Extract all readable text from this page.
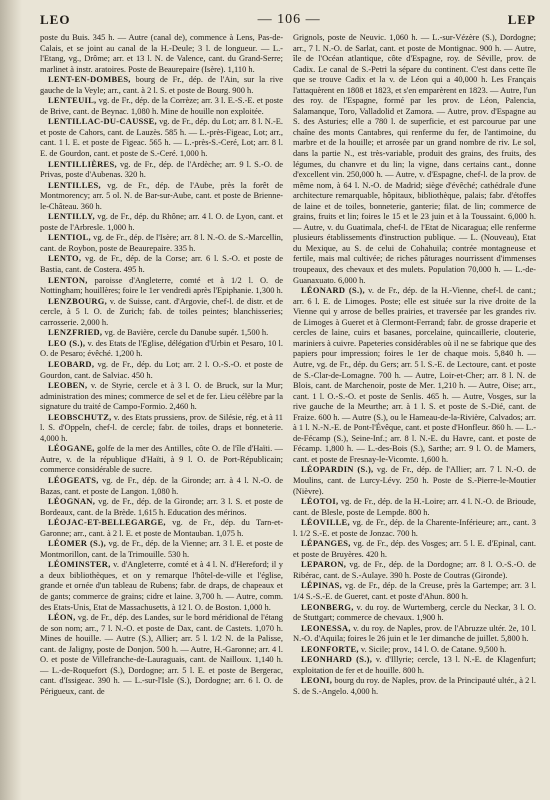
LEO	— 106 —	LEP

poste du Buis. 345 h. — Autre (canal de), commence à Lens, Pas-de-Calais, et se joint au canal de la H.-Deule; 3 l. de longueur. — L.-l'Etang, vg., Drôme; arr. et 13 l. N. de Valence, cant. du Grand-Serre; marlinet à instr. aratoires. Poste de Beaurepaire (Isère). 1,110 h.

LENT-EN-DOMBES, bourg de Fr., dép. de l'Ain, sur la rive gauche de la Veyle; arr., cant. à 2 l. S. et poste de Bourg. 900 h.

LENTEUIL, vg. de Fr., dép. de la Corrèze; arr. 3 l. E.-S.-E. et poste de Brive, cant. de Beynac. 1,080 h. Mine de houille non exploitée.

LENTILLAC-DU-CAUSSE, vg. de Fr., dép. du Lot; arr. 8 l. N.-E. et poste de Cahors, cant. de Lauzès. 585 h. — L.-près-Figeac, Lot; arr., cant. 1 l. E. et poste de Figeac. 565 h. — L.-près-S.-Ceré, Lot; arr. 8 l. E. de Gourdon, cant. et poste de S.-Ceré. 1,000 h.

LENTILLIÈRES, vg. de Fr., dép. de l'Ardèche; arr. 9 l. S.-O. de Privas, poste d'Aubenas. 320 h.

LENTILLES, vg. de Fr., dép. de l'Aube, près la forêt de Montmorency; arr. 5 ol. N. de Bar-sur-Aube, cant. et poste de Brienne-le-Château. 360 h.

LENTILLY, vg. de Fr., dép. du Rhône; arr. 4 l. O. de Lyon, cant. et poste de l'Arbresle. 1,000 h.

LENTIOL, vg. de Fr., dép. de l'Isère; arr. 8 l. N.-O. de S.-Marcellin, cant. de Roybon, poste de Beaurepaire. 335 h.

LENTO, vg. de Fr., dép. de la Corse; arr. 6 l. S.-O. et poste de Bastia, cant. de Costera. 495 h.

LENTON, paroisse d'Angleterre, comté et à 1/2 l. O. de Nottingham; houillères; foire le 1er vendredi après l'Epiphanie. 1,300 h.

LENZBOURG, v. de Suisse, cant. d'Argovie, chef-l. de distr. et de cercle, à 5 l. O. de Zurich; fab. de toiles peintes; blanchisseries; carrosserie. 2,000 h.

LENZFRIED, vg. de Bavière, cercle du Danube supér. 1,500 h.

LEO (S.), v. des Etats de l'Eglise, délégation d'Urbin et Pesaro, 10 l. O. de Pesaro; évêché. 1,200 h.

LEOBARD, vg. de Fr., dép. du Lot; arr. 2 l. O.-S.-O. et poste de Gourdon, cant. de Salviac. 450 h.

LEOBEN, v. de Styrie, cercle et à 3 l. O. de Bruck, sur la Mur; administration des mines; commerce de sel et de fer. Lieu célèbre par la signature du traité de Campo-Formio. 2,460 h.

LEOBSCHUTZ, v. des Etats prussiens, prov. de Silésie, rég. et à 11 l. S. d'Oppeln, chef-l. de cercle; fabr. de toiles, draps et bonneterie. 4,000 h.

LÉOGANE, golfe de la mer des Antilles, côte O. de l'île d'Haïti. — Autre, v. de la république d'Haïti, à 9 l. O. de Port-Républicain; commerce considérable de sucre.

LÉOGEATS, vg. de Fr., dép. de la Gironde; arr. à 4 l. N.-O. de Bazas, cant. et poste de Langon. 1,080 h.

LÉOGNAN, vg. de Fr., dép. de la Gironde; arr. 3 l. S. et poste de Bordeaux, cant. de la Brède. 1,615 h. Education des mérinos.

LÉOJAC-ET-BELLEGARGE, vg. de Fr., dép. du Tarn-et-Garonne; arr., cant. à 2 l. E. et poste de Montauban. 1,075 h.

LÉOMER (S.), vg. de Fr., dép. de la Vienne; arr. 3 l. E. et poste de Montmorillon, cant. de la Trimouille. 530 h.

LÉOMINSTER, v. d'Angleterre, comté et à 4 l. N. d'Hereford; il y a deux bibliothèques, et on y remarque l'hôtel-de-ville et l'église, grande et ornée d'un tableau de Rubens; fabr. de draps, de chapeaux et de gants; commerce de grains; cidre et laine. 3,700 h. — Autre, comm. des Etats-Unis, Etat de Massachusetts, à 12 l. O. de Boston. 1,000 h.

LÉON, vg. de Fr., dép. des Landes, sur le bord méridional de l'étang de son nom; arr., 7 l. N.-O. et poste de Dax, cant. de Castets. 1,070 h. Mines de houille. — Autre (S.), Allier; arr. 5 l. 1/2 N. de la Palisse, cant. de Jaligny, poste de Donjon. 500 h. — Autre, H.-Garonne; arr. 4 l. O. et poste de Villefranche-de-Lauraguais, cant. de Nailloux. 1,140 h. — L.-de-Roquefort (S.), Dordogne; arr. 5 l. E. et poste de Bergerac, cant. d'Issigeac. 390 h. — L.-sur-l'Isle (S.), Dordogne; arr. 6 l. O. de Périgueux, cant. de

Grignols, poste de Neuvic. 1,060 h. — L.-sur-Vézère (S.), Dordogne; arr., 7 l. N.-O. de Sarlat, cant. et poste de Montignac. 900 h. — Autre, île de l'Océan atlantique, côte d'Espagne, roy. de Séville, prov. de Cadix. Le canal de S.-Petri la sépare du continent. C'est dans cette île que se trouve Cadix et la v. de Léon qui a 40,000 h. Les Français l'attaquèrent en 1808 et 1823, et s'en emparèrent en 1823. — Autre, l'un des roy. de l'Espagne, formé par les prov. de Léon, Palencia, Salamanque, Toro, Valladolid et Zamora. — Autre, prov. d'Espagne au S. des Asturies; elle a 780 l. de superficie, et est parcourue par une chaîne des monts Cantabres, qui renferme du fer, de l'antimoine, du marbre et de la houille; et arrosée par un grand nombre de riv. Le sol, dans la partie N., est très-variable, produit des grains, des fruits, des légumes, du chanvre et du lin; la vigne, dans certains cant., donne d'excellent vin. 250,000 h. — Autre, v. d'Espagne, chef-l. de la prov. de même nom, à 64 l. N.-O. de Madrid; siège d'évêché; cathédrale d'une architecture remarquable, hôpitaux, bibliothèque, palais; fabr. d'étoffes de laine et de toiles, bonneterie, ganterie; filat. de lin; commerce de grains, fruits et lin; foires le 15 et le 23 juin et à la Toussaint. 6,000 h. — Autre, v. du Guatimala, chef-l. de l'Etat de Nicaragua; elle renferme plusieurs établissements d'instruction publique. — L. (Nouveau), Etat du Mexique, au S. de celui de Cohahuila; contrée montagneuse et fertile, mais mal cultivée; de riches pâturages nourrissent d'immenses troupeaux, des chevaux et des mulets. Population 70,000 h. — L.-de-Guanaxuato. 6,000 h.

LÉONARD (S.), v. de Fr., dép. de la H.-Vienne, chef-l. de cant.; arr. 6 l. E. de Limoges. Poste; elle est située sur la rive droite de la Vienne qui y arrose de belles prairies, et traversée par les grandes riv. de Limoges à Gueret et à Clermont-Ferrand; fabr. de grosse draperie et cercles de laine, cuirs et basanes, porcelaine, quincaillerie, clouterie, mariniers à cuivre. Papeteries considérables où il ne se fabrique que des papiers pour impression; foires le 1er de chaque mois. 5,840 h. — Autre, vg. de Fr., dép. du Gers; arr. 5 l. S.-E. de Lectoure, cant. et poste de S.-Clar-de-Lomagne. 700 h. — Autre, Loir-et-Cher; arr. 8 l. N. de Blois, cant. de Marchenoir, poste de Mer. 1,210 h. — Autre, Oise; arr., cant. 1 l. O.-S.-O. et poste de Senlis. 465 h. — Autre, Vosges, sur la rive gauche de la Meurthe; arr. à 1 l. S. et poste de S.-Dié, cant. de Fraize. 600 h. — Autre (S.), ou le Hameau-de-la-Rivière, Calvados; arr. à 1 l. N.-N.-E. de Pont-l'Évêque, cant. et poste d'Honfleur. 860 h. — L.-de-Fécamp (S.), Seine-Inf.; arr. 8 l. N.-E. du Havre, cant. et poste de Fécamp. 1,800 h. — L.-des-Bois (S.), Sarthe; arr. 9 l. O. de Mamers, cant. et poste de Fresnay-le-Vicomte. 1,600 h.

LÉOPARDIN (S.), vg. de Fr., dép. de l'Allier; arr. 7 l. N.-O. de Moulins, cant. de Lurcy-Lévy. 250 h. Poste de S.-Pierre-le-Moutier (Nièvre).

LÉOTOI, vg. de Fr., dép. de la H.-Loire; arr. 4 l. N.-O. de Brioude, cant. de Blesle, poste de Lempde. 800 h.

LÉOVILLE, vg. de Fr., dép. de la Charente-Inférieure; arr., cant. 3 l. 1/2 S.-E. et poste de Jonzac. 700 h.

LÉPANGES, vg. de Fr., dép. des Vosges; arr. 5 l. E. d'Epinal, cant. et poste de Bruyères. 420 h.

LEPARON, vg. de Fr., dép. de la Dordogne; arr. 8 l. O.-S.-O. de Ribérac, cant. de S.-Aulaye. 390 h. Poste de Coutras (Gironde).

LÉPINAS, vg. de Fr., dép. de la Creuse, près la Gartempe; arr. 3 l. 1/4 S.-S.-E. de Gueret, cant. et poste d'Ahun. 800 h.

LEONBERG, v. du roy. de Wurtemberg, cercle du Neckar, 3 l. O. de Stuttgart; commerce de chevaux. 1,900 h.

LEONESSA, v. du roy. de Naples, prov. de l'Abruzze ultér. 2e, 10 l. N.-O. d'Aquila; foires le 26 juin et le 1er dimanche de juillet. 5,800 h.

LEONFORTE, v. Sicile; prov., 14 l. O. de Catane. 9,500 h.

LEONHARD (S.), v. d'Illyrie; cercle, 13 l. N.-E. de Klagenfurt; exploitation de fer et de houille. 800 h.

LEONI, bourg du roy. de Naples, prov. de la Principauté ultér., à 2 l. S. de S.-Angelo. 4,000 h.
